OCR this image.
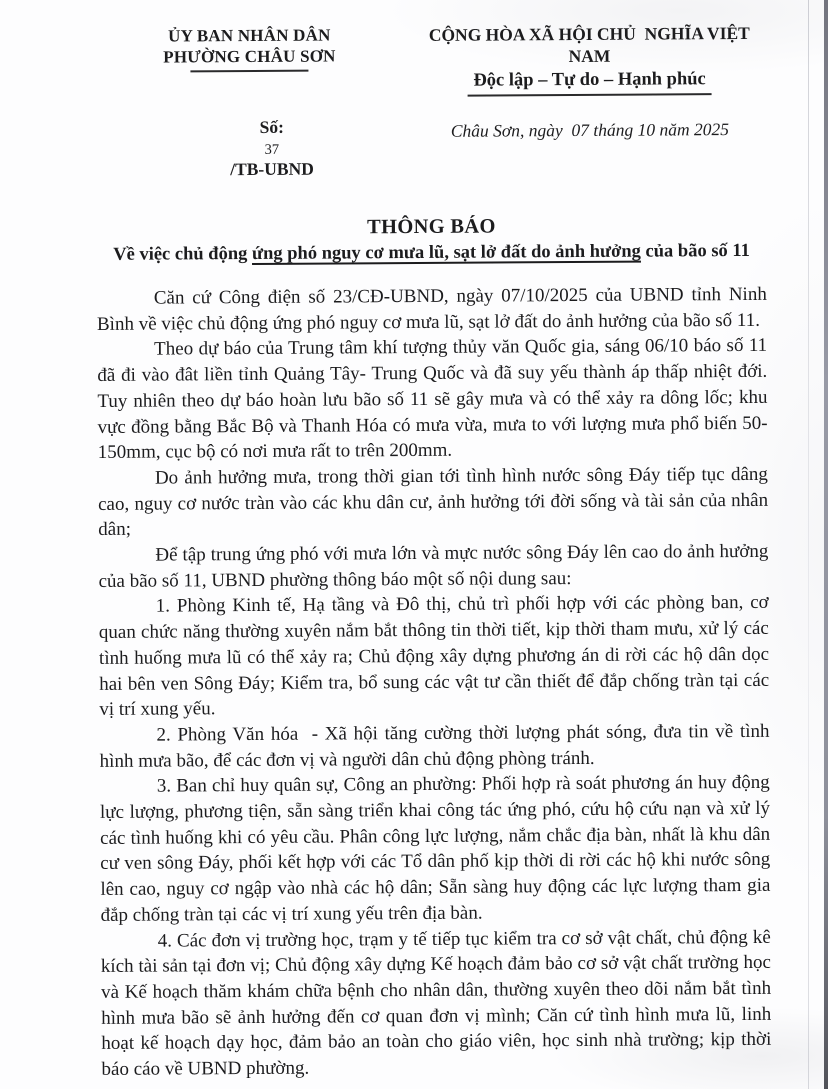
ỦY BAN NHÂN DÂN
PHƯỜNG CHÂU SƠN

Số:
37
/TB-UBND

CỘNG HÒA XÃ HỘI CHỦ  NGHĨA VIỆT NAM
Độc lập – Tự do – Hạnh phúc
Châu Sơn, ngày  07 tháng 10 năm 2025
THÔNG BÁO
Về việc chủ động ứng phó nguy cơ mưa lũ, sạt lở đất do ảnh hưởng của bão số 11

Căn cứ Công điện số 23/CĐ-UBND, ngày 07/10/2025 của UBND tỉnh Ninh Bình về việc chủ động ứng phó nguy cơ mưa lũ, sạt lở đất do ảnh hưởng của bão số 11.

Theo dự báo của Trung tâm khí tượng thủy văn Quốc gia, sáng 06/10 báo số 11 đã đi vào đât liền tỉnh Quảng Tây- Trung Quốc và đã suy yếu thành áp thấp nhiệt đới. Tuy nhiên theo dự báo hoàn lưu bão số 11 sẽ gây mưa và có thể xảy ra dông lốc; khu vực đồng bằng Bắc Bộ và Thanh Hóa có mưa vừa, mưa to với lượng mưa phổ biến 50-150mm, cục bộ có nơi mưa rất to trên 200mm.

Do ảnh hưởng mưa, trong thời gian tới tình hình nước sông Đáy tiếp tục dâng cao, nguy cơ nước tràn vào các khu dân cư, ảnh hưởng tới đời sống và tài sản của nhân dân;

Để tập trung ứng phó với mưa lớn và mực nước sông Đáy lên cao do ảnh hưởng của bão số 11, UBND phường thông báo một số nội dung sau:

1. Phòng Kinh tế, Hạ tầng và Đô thị, chủ trì phối hợp với các phòng ban, cơ quan chức năng thường xuyên nắm bắt thông tin thời tiết, kịp thời tham mưu, xử lý các tình huống mưa lũ có thể xảy ra; Chủ động xây dựng phương án di rời các hộ dân dọc hai bên ven Sông Đáy; Kiểm tra, bổ sung các vật tư cần thiết để đắp chống tràn tại các vị trí xung yếu.

2. Phòng Văn hóa  - Xã hội tăng cường thời lượng phát sóng, đưa tin về tình hình mưa bão, để các đơn vị và người dân chủ động phòng tránh.

3. Ban chỉ huy quân sự, Công an phường: Phối hợp rà soát phương án huy động lực lượng, phương tiện, sẵn sàng triển khai công tác ứng phó, cứu hộ cứu nạn và xử lý các tình huống khi có yêu cầu. Phân công lực lượng, nắm chắc địa bàn, nhất là khu dân cư ven sông Đáy, phối kết hợp với các Tổ dân phố kịp thời di rời các hộ khi nước sông lên cao, nguy cơ ngập vào nhà các hộ dân; Sẵn sàng huy động các lực lượng tham gia đắp chống tràn tại các vị trí xung yếu trên địa bàn.

4. Các đơn vị trường học, trạm y tế tiếp tục kiểm tra cơ sở vật chất, chủ động kê kích tài sản tại đơn vị; Chủ động xây dựng Kế hoạch đảm bảo cơ sở vật chất trường học và Kế hoạch thăm khám chữa bệnh cho nhân dân, thường xuyên theo dõi nắm bắt tình hình mưa bão sẽ ảnh hưởng đến cơ quan đơn vị mình; Căn cứ tình hình mưa lũ, linh hoạt kế hoạch dạy học, đảm bảo an toàn cho giáo viên, học sinh nhà trường; kịp thời báo cáo về UBND phường.
